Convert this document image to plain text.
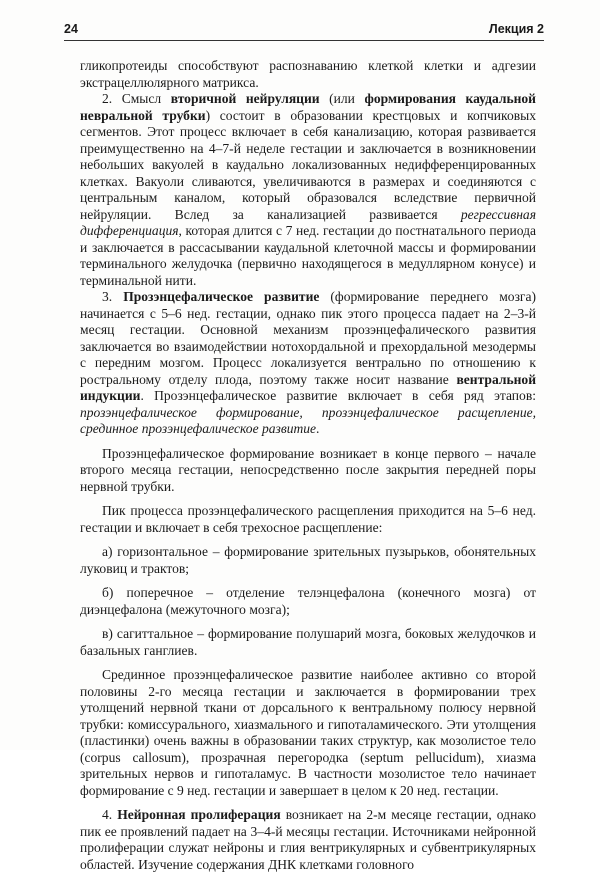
24	Лекция 2

гликопротеиды способствуют распознаванию клеткой клетки и адгезии экстрацеллюлярного матрикса.

2. Смысл вторичной нейруляции (или формирования каудальной невральной трубки) состоит в образовании крестцовых и копчиковых сегментов. Этот процесс включает в себя канализацию, которая развивается преимущественно на 4–7-й неделе гестации и заключается в возникновении небольших вакуолей в каудально локализованных недифференцированных клетках. Вакуоли сливаются, увеличиваются в размерах и соединяются с центральным каналом, который образовался вследствие первичной нейруляции. Вслед за канализацией развивается регрессивная дифференциация, которая длится с 7 нед. гестации до постнатального периода и заключается в рассасывании каудальной клеточной массы и формировании терминального желудочка (первично находящегося в медуллярном конусе) и терминальной нити.

3. Прозэнцефалическое развитие (формирование переднего мозга) начинается с 5–6 нед. гестации, однако пик этого процесса падает на 2–3-й месяц гестации. Основной механизм прозэнцефалического развития заключается во взаимодействии нотохордальной и прехордальной мезодермы с передним мозгом. Процесс локализуется вентрально по отношению к ростральному отделу плода, поэтому также носит название вентральной индукции. Прозэнцефалическое развитие включает в себя ряд этапов: прозэнцефалическое формирование, прозэнцефалическое расщепление, срединное прозэнцефалическое развитие.

Прозэнцефалическое формирование возникает в конце первого – начале второго месяца гестации, непосредственно после закрытия передней поры нервной трубки.

Пик процесса прозэнцефалического расщепления приходится на 5–6 нед. гестации и включает в себя трехосное расщепление:

а) горизонтальное – формирование зрительных пузырьков, обонятельных луковиц и трактов;

б) поперечное – отделение телэнцефалона (конечного мозга) от диэнцефалона (межуточного мозга);

в) сагиттальное – формирование полушарий мозга, боковых желудочков и базальных ганглиев.

Срединное прозэнцефалическое развитие наиболее активно со второй половины 2-го месяца гестации и заключается в формировании трех утолщений нервной ткани от дорсального к вентральному полюсу нервной трубки: комиссурального, хиазмального и гипоталамического. Эти утолщения (пластинки) очень важны в образовании таких структур, как мозолистое тело (corpus callosum), прозрачная перегородка (septum pellucidum), хиазма зрительных нервов и гипоталамус. В частности мозолистое тело начинает формирование с 9 нед. гестации и завершает в целом к 20 нед. гестации.

4. Нейронная пролиферация возникает на 2-м месяце гестации, однако пик ее проявлений падает на 3–4-й месяцы гестации. Источниками нейронной пролиферации служат нейроны и глия вентрикулярных и субвентрикулярных областей. Изучение содержания ДНК клетками головного
